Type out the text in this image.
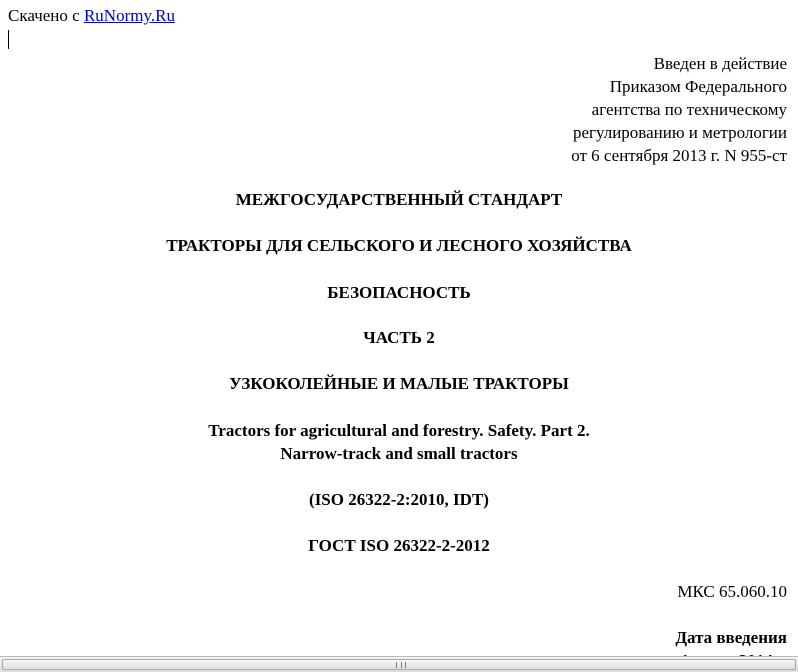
Скачено с RuNormy.Ru
Введен в действие
Приказом Федерального
агентства по техническому
регулированию и метрологии
от 6 сентября 2013 г. N 955-ст
МЕЖГОСУДАРСТВЕННЫЙ СТАНДАРТ
ТРАКТОРЫ ДЛЯ СЕЛЬСКОГО И ЛЕСНОГО ХОЗЯЙСТВА
БЕЗОПАСНОСТЬ
ЧАСТЬ 2
УЗКОКОЛЕЙНЫЕ И МАЛЫЕ ТРАКТОРЫ
Tractors for agricultural and forestry. Safety. Part 2.
Narrow-track and small tractors
(ISO 26322-2:2010, IDT)
ГОСТ ISO 26322-2-2012
МКС 65.060.10
Дата введения
